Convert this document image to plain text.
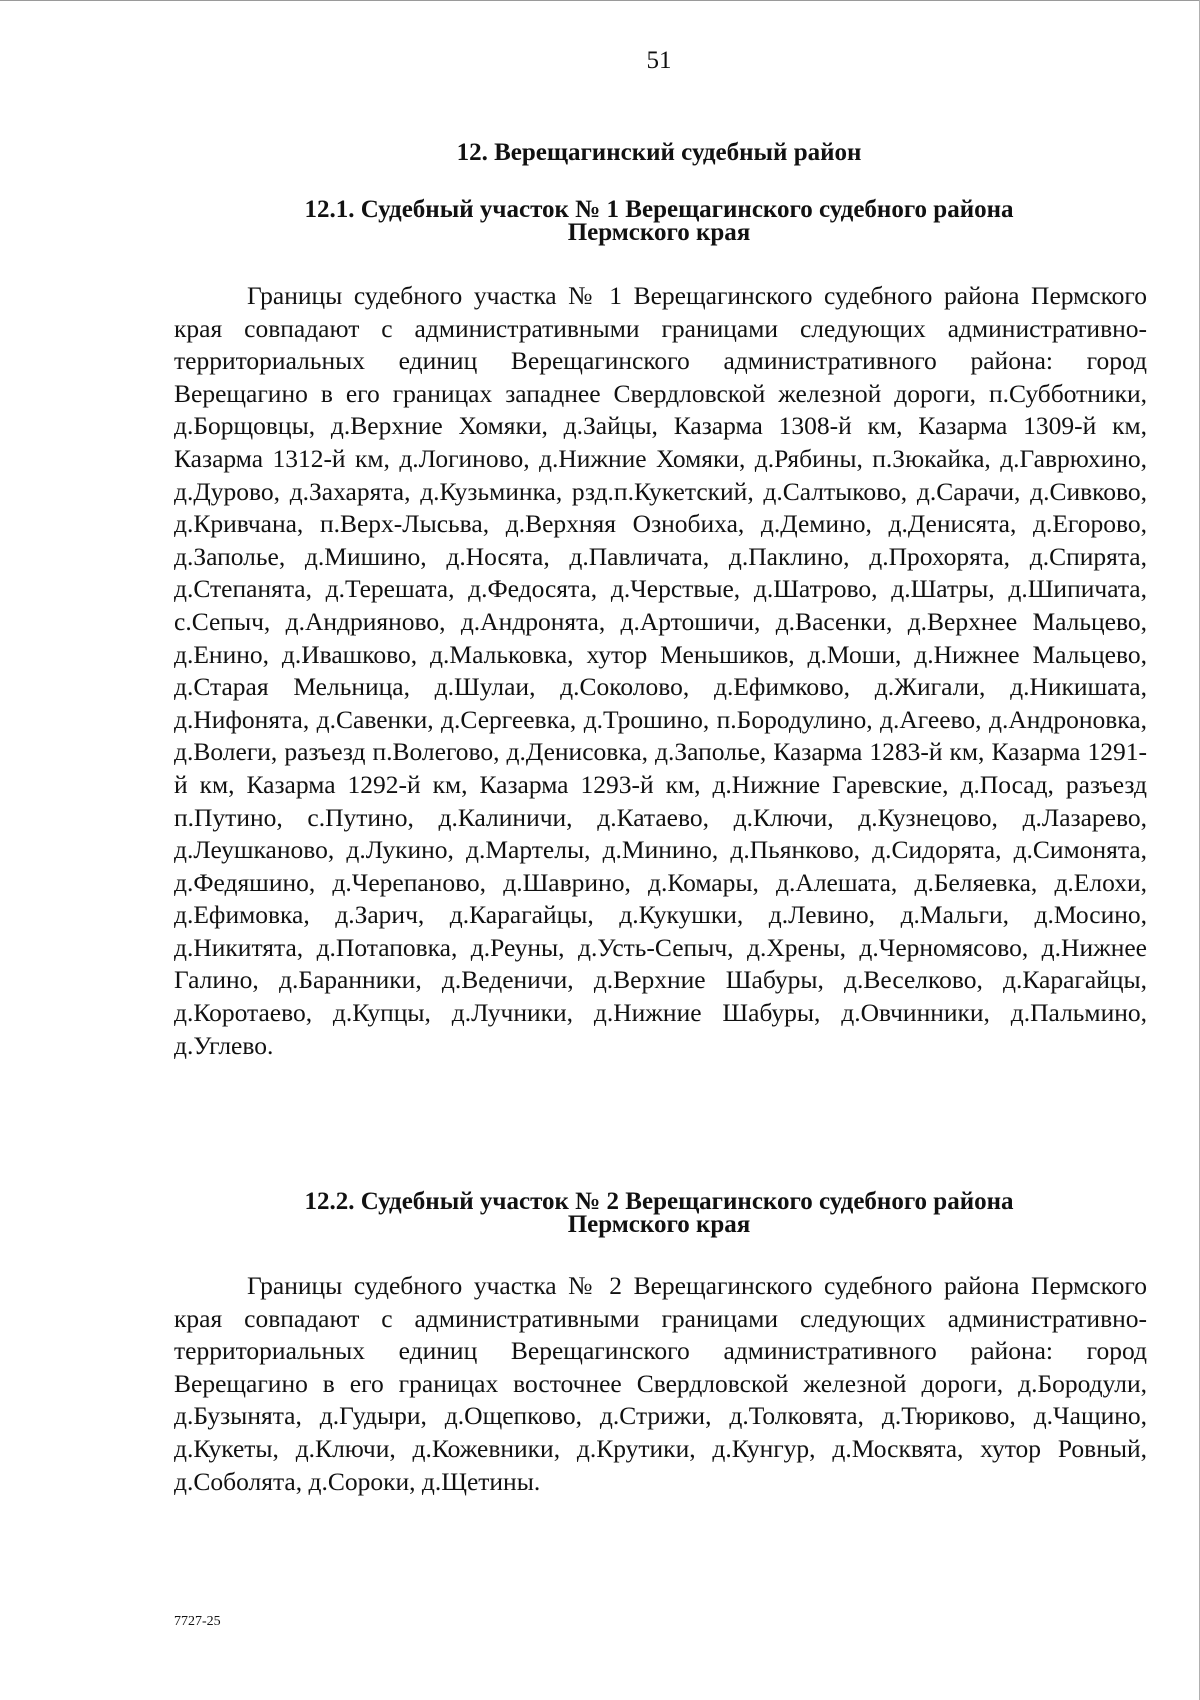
51
12. Верещагинский судебный район
12.1. Судебный участок № 1 Верещагинского судебного района
Пермского края

Границы судебного участка № 1 Верещагинского судебного района Пермского края совпадают с административными границами следующих административно-территориальных единиц Верещагинского административного района: город Верещагино в его границах западнее Свердловской железной дороги, п.Субботники, д.Борщовцы, д.Верхние Хомяки, д.Зайцы, Казарма 1308-й км, Казарма 1309-й км, Казарма 1312-й км, д.Логиново, д.Нижние Хомяки, д.Рябины, п.Зюкайка, д.Гаврюхино, д.Дурово, д.Захарята, д.Кузьминка, рзд.п.Кукетский, д.Салтыково, д.Сарачи, д.Сивково, д.Кривчана, п.Верх-Лысьва, д.Верхняя Ознобиха, д.Демино, д.Денисята, д.Егорово, д.Заполье, д.Мишино, д.Носята, д.Павличата, д.Паклино, д.Прохорята, д.Спирята, д.Степанята, д.Терешата, д.Федосята, д.Черствые, д.Шатрово, д.Шатры, д.Шипичата, с.Сепыч, д.Андрияново, д.Андронята, д.Артошичи, д.Васенки, д.Верхнее Мальцево, д.Енино, д.Ивашково, д.Мальковка, хутор Меньшиков, д.Моши, д.Нижнее Мальцево, д.Старая Мельница, д.Шулаи, д.Соколово, д.Ефимково, д.Жигали, д.Никишата, д.Нифонята, д.Савенки, д.Сергеевка, д.Трошино, п.Бородулино, д.Агеево, д.Андроновка, д.Волеги, разъезд п.Волегово, д.Денисовка, д.Заполье, Казарма 1283-й км, Казарма 1291-й км, Казарма 1292-й км, Казарма 1293-й км, д.Нижние Гаревские, д.Посад, разъезд п.Путино, с.Путино, д.Калиничи, д.Катаево, д.Ключи, д.Кузнецово, д.Лазарево, д.Леушканово, д.Лукино, д.Мартелы, д.Минино, д.Пьянково, д.Сидорята, д.Симонята, д.Федяшино, д.Черепаново, д.Шаврино, д.Комары, д.Алешата, д.Беляевка, д.Елохи, д.Ефимовка, д.Зарич, д.Карагайцы, д.Кукушки, д.Левино, д.Мальги, д.Мосино, д.Никитята, д.Потаповка, д.Реуны, д.Усть-Сепыч, д.Хрены, д.Черномясово, д.Нижнее Галино, д.Баранники, д.Веденичи, д.Верхние Шабуры, д.Веселково, д.Карагайцы, д.Коротаево, д.Купцы, д.Лучники, д.Нижние Шабуры, д.Овчинники, д.Пальмино, д.Углево.

12.2. Судебный участок № 2 Верещагинского судебного района
Пермского края

Границы судебного участка № 2 Верещагинского судебного района Пермского края совпадают с административными границами следующих административно-территориальных единиц Верещагинского административного района: город Верещагино в его границах восточнее Свердловской железной дороги, д.Бородули, д.Бузынята, д.Гудыри, д.Ощепково, д.Стрижи, д.Толковята, д.Тюриково, д.Чащино, д.Кукеты, д.Ключи, д.Кожевники, д.Крутики, д.Кунгур, д.Москвята, хутор Ровный, д.Соболята, д.Сороки, д.Щетины.

7727-25
